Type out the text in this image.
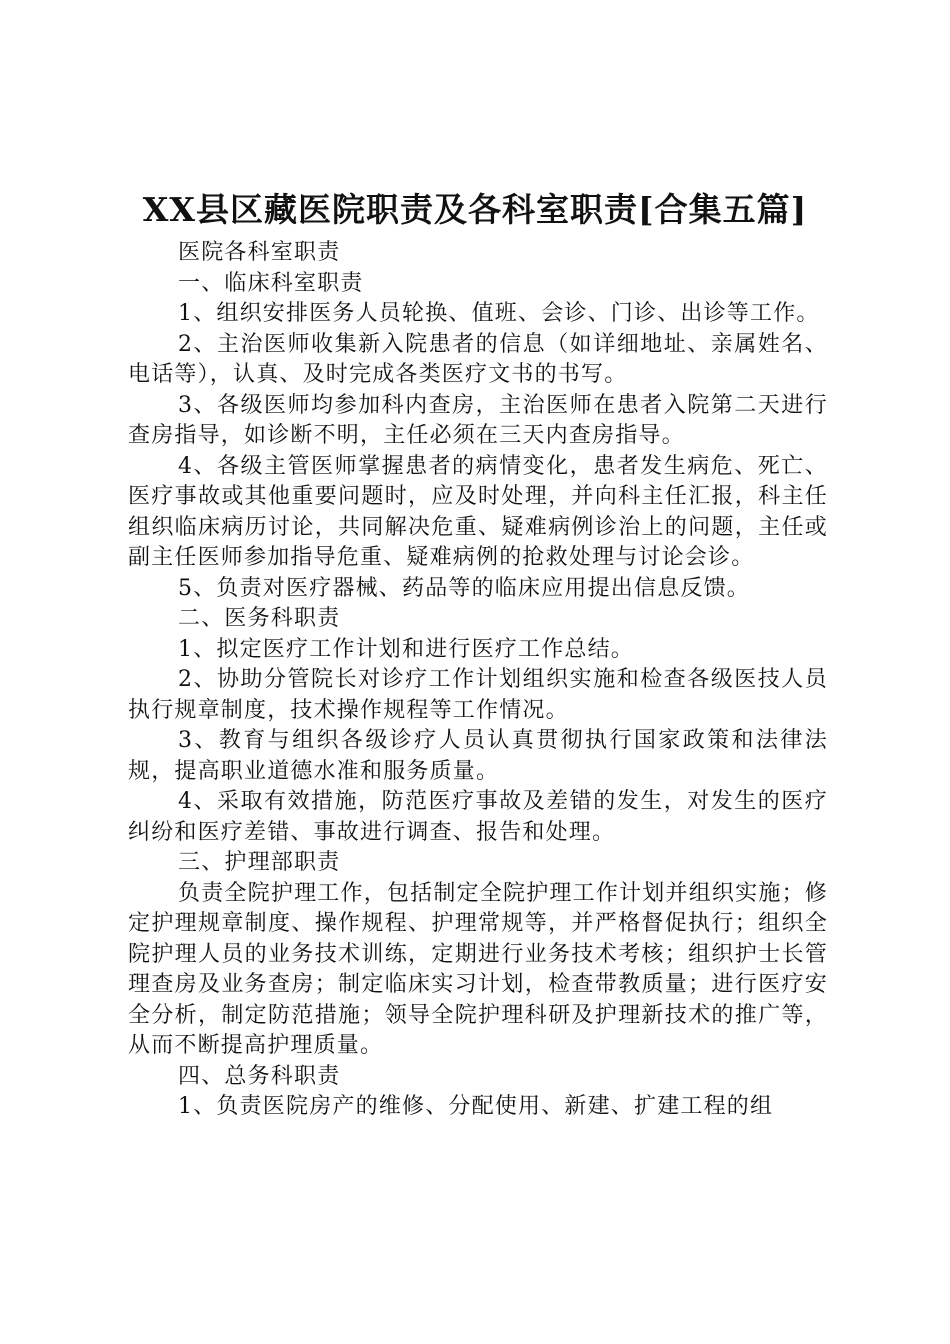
XX县区藏医院职责及各科室职责[合集五篇]

医院各科室职责

一、临床科室职责

1、组织安排医务人员轮换、值班、会诊、门诊、出诊等工作。

2、主治医师收集新入院患者的信息（如详细地址、亲属姓名、电话等），认真、及时完成各类医疗文书的书写。

3、各级医师均参加科内查房，主治医师在患者入院第二天进行查房指导，如诊断不明，主任必须在三天内查房指导。

4、各级主管医师掌握患者的病情变化，患者发生病危、死亡、医疗事故或其他重要问题时，应及时处理，并向科主任汇报，科主任组织临床病历讨论，共同解决危重、疑难病例诊治上的问题，主任或副主任医师参加指导危重、疑难病例的抢救处理与讨论会诊。

5、负责对医疗器械、药品等的临床应用提出信息反馈。

二、医务科职责

1、拟定医疗工作计划和进行医疗工作总结。

2、协助分管院长对诊疗工作计划组织实施和检查各级医技人员执行规章制度，技术操作规程等工作情况。

3、教育与组织各级诊疗人员认真贯彻执行国家政策和法律法规，提高职业道德水准和服务质量。

4、采取有效措施，防范医疗事故及差错的发生，对发生的医疗纠纷和医疗差错、事故进行调查、报告和处理。

三、护理部职责

负责全院护理工作，包括制定全院护理工作计划并组织实施；修定护理规章制度、操作规程、护理常规等，并严格督促执行；组织全院护理人员的业务技术训练，定期进行业务技术考核；组织护士长管理查房及业务查房；制定临床实习计划，检查带教质量；进行医疗安全分析，制定防范措施；领导全院护理科研及护理新技术的推广等，从而不断提高护理质量。

四、总务科职责

1、负责医院房产的维修、分配使用、新建、扩建工程的组
